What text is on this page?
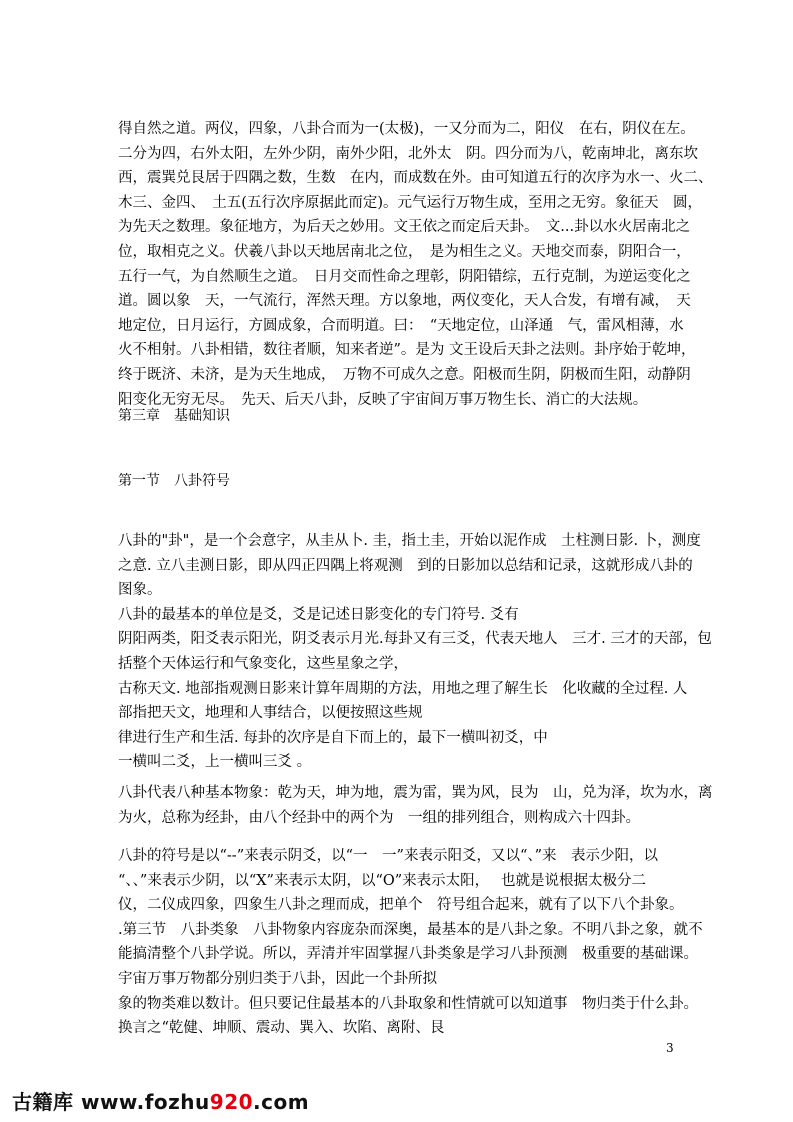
得自然之道。两仪，四象，八卦合而为一(太极)，一又分而为二，阳仪　在右，阴仪在左。
二分为四，右外太阳，左外少阴，南外少阳，北外太　阴。四分而为八，乾南坤北，离东坎
西，震巽兑艮居于四隅之数，生数　在内，而成数在外。由可知道五行的次序为水一、火二、
木三、金四、　土五(五行次序原据此而定)。元气运行万物生成，至用之无穷。象征天　圆，
为先天之数理。象征地方，为后天之妙用。文王依之而定后天卦。　文...卦以水火居南北之
位，取相克之义。伏羲八卦以天地居南北之位，　是为相生之义。天地交而泰，阴阳合一，
五行一气，为自然顺生之道。　日月交而性命之理彰，阴阳错综，五行克制，为逆运变化之
道。圆以象　天，一气流行，浑然天理。方以象地，两仪变化，天人合发，有增有减，　天
地定位，日月运行，方圆成象，合而明道。曰：　“天地定位，山泽通　气，雷风相薄，水
火不相射。八卦相错，数往者顺，知来者逆”。是为 文王设后天卦之法则。卦序始于乾坤，
终于既济、未济，是为天生地成，　万物不可成久之意。阳极而生阴，阴极而生阳，动静阴
阳变化无穷无尽。　先天、后天八卦，反映了宇宙间万事万物生长、消亡的大法规。
第三章　基础知识
第一节　八卦符号
八卦的"卦"，是一个会意字，从圭从卜. 圭，指土圭，开始以泥作成　土柱测日影. 卜，测度
之意. 立八圭测日影，即从四正四隅上将观测　到的日影加以总结和记录，这就形成八卦的
图象。
八卦的最基本的单位是爻，爻是记述日影变化的专门符号. 爻有
阴阳两类，阳爻表示阳光，阴爻表示月光.每卦又有三爻，代表天地人　三才. 三才的天部，包
括整个天体运行和气象变化，这些星象之学，
古称天文. 地部指观测日影来计算年周期的方法，用地之理了解生长　化收藏的全过程. 人
部指把天文，地理和人事结合，以便按照这些规
律进行生产和生活. 每卦的次序是自下而上的，最下一横叫初爻，中
一横叫二爻，上一横叫三爻 。
八卦代表八种基本物象：乾为天，坤为地，震为雷，巽为风，艮为　山，兑为泽，坎为水，离
为火，总称为经卦，由八个经卦中的两个为　一组的排列组合，则构成六十四卦。
八卦的符号是以“--”来表示阴爻，以“一　一”来表示阳爻，又以“、”来　表示少阳，以
“、、”来表示少阴，以“X”来表示太阴，以“O”来表示太阳，　 也就是说根据太极分二
仪，二仪成四象，四象生八卦之理而成，把单个　符号组合起来，就有了以下八个卦象。
.第三节　八卦类象　八卦物象内容庞杂而深奥，最基本的是八卦之象。不明八卦之象，就不
能搞清整个八卦学说。所以，弄清并牢固掌握八卦类象是学习八卦预测　极重要的基础课。
宇宙万事万物都分别归类于八卦，因此一个卦所拟
象的物类难以数计。但只要记住最基本的八卦取象和性情就可以知道事　物归类于什么卦。
换言之“乾健、坤顺、震动、巽入、坎陷、离附、艮
3
古籍库 www.fozhu920.com
